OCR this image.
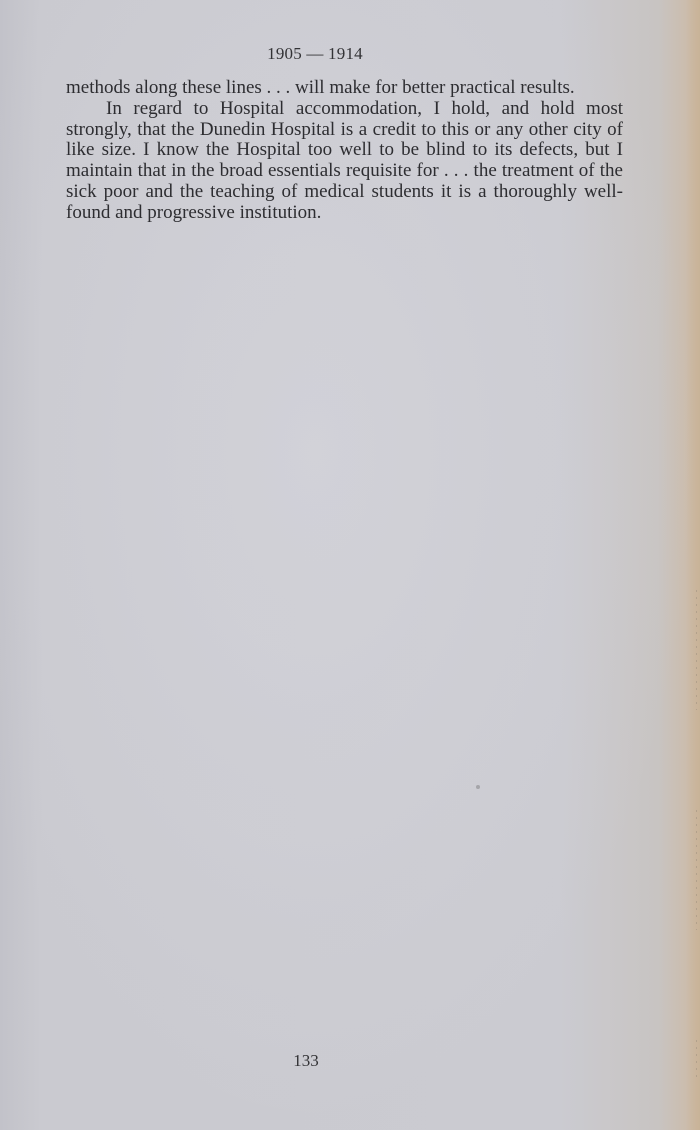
1905 — 1914

methods along these lines . . . will make for better practical results.

In regard to Hospital accommodation, I hold, and hold most strongly, that the Dunedin Hospital is a credit to this or any other city of like size. I know the Hospital too well to be blind to its defects, but I maintain that in the broad essentials requisite for . . . the treatment of the sick poor and the teaching of medical students it is a thoroughly well-found and progressive institution.

133
